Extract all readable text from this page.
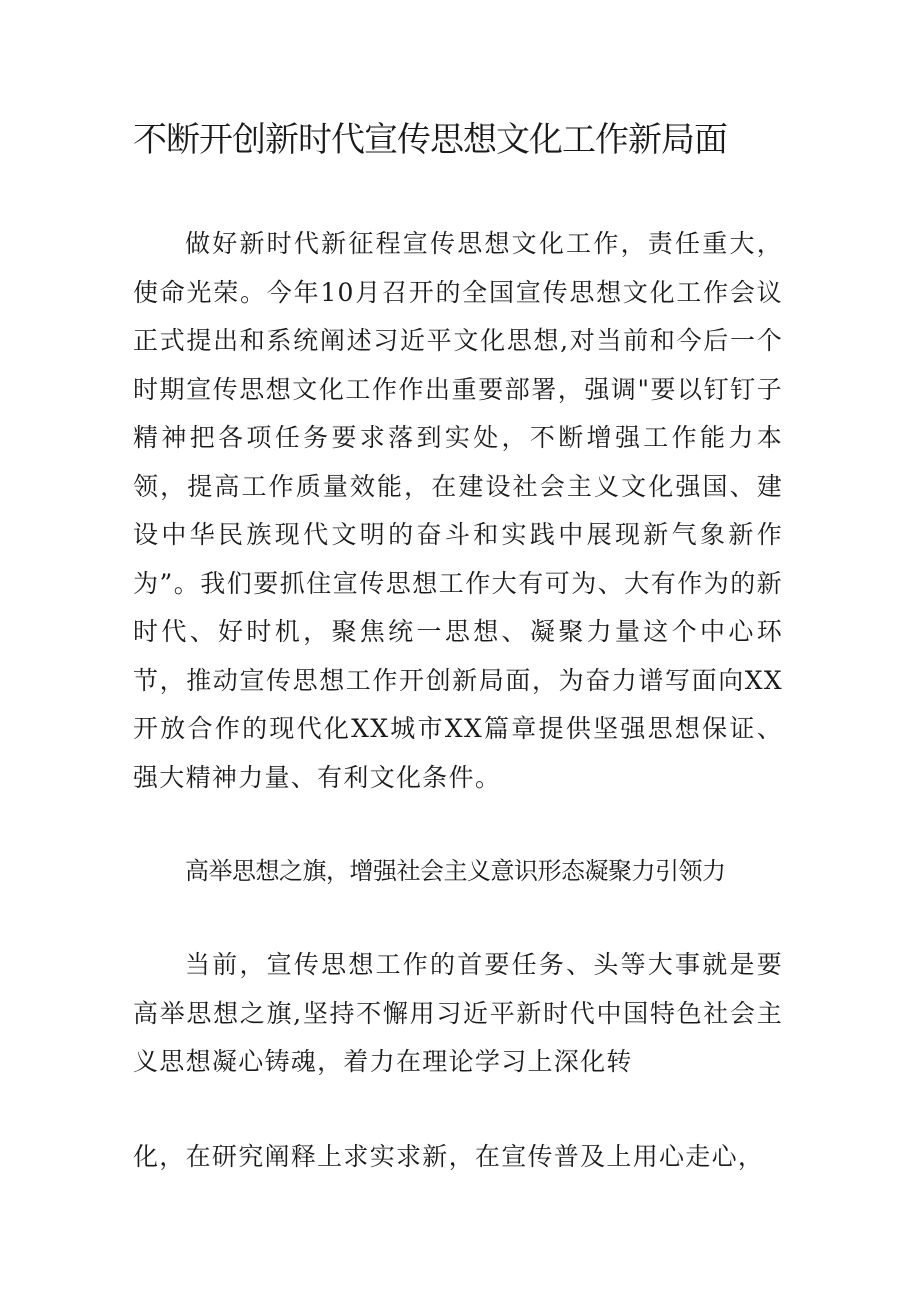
不断开创新时代宣传思想文化工作新局面

做好新时代新征程宣传思想文化工作，责任重大，使命光荣。今年10月召开的全国宣传思想文化工作会议正式提出和系统阐述习近平文化思想,对当前和今后一个时期宣传思想文化工作作出重要部署，强调"要以钉钉子精神把各项任务要求落到实处，不断增强工作能力本领，提高工作质量效能，在建设社会主义文化强国、建设中华民族现代文明的奋斗和实践中展现新气象新作为”。我们要抓住宣传思想工作大有可为、大有作为的新时代、好时机，聚焦统一思想、凝聚力量这个中心环节，推动宣传思想工作开创新局面，为奋力谱写面向XX开放合作的现代化XX城市XX篇章提供坚强思想保证、强大精神力量、有利文化条件。

高举思想之旗，增强社会主义意识形态凝聚力引领力

当前，宣传思想工作的首要任务、头等大事就是要高举思想之旗,坚持不懈用习近平新时代中国特色社会主义思想凝心铸魂，着力在理论学习上深化转

化，在研究阐释上求实求新，在宣传普及上用心走心，
